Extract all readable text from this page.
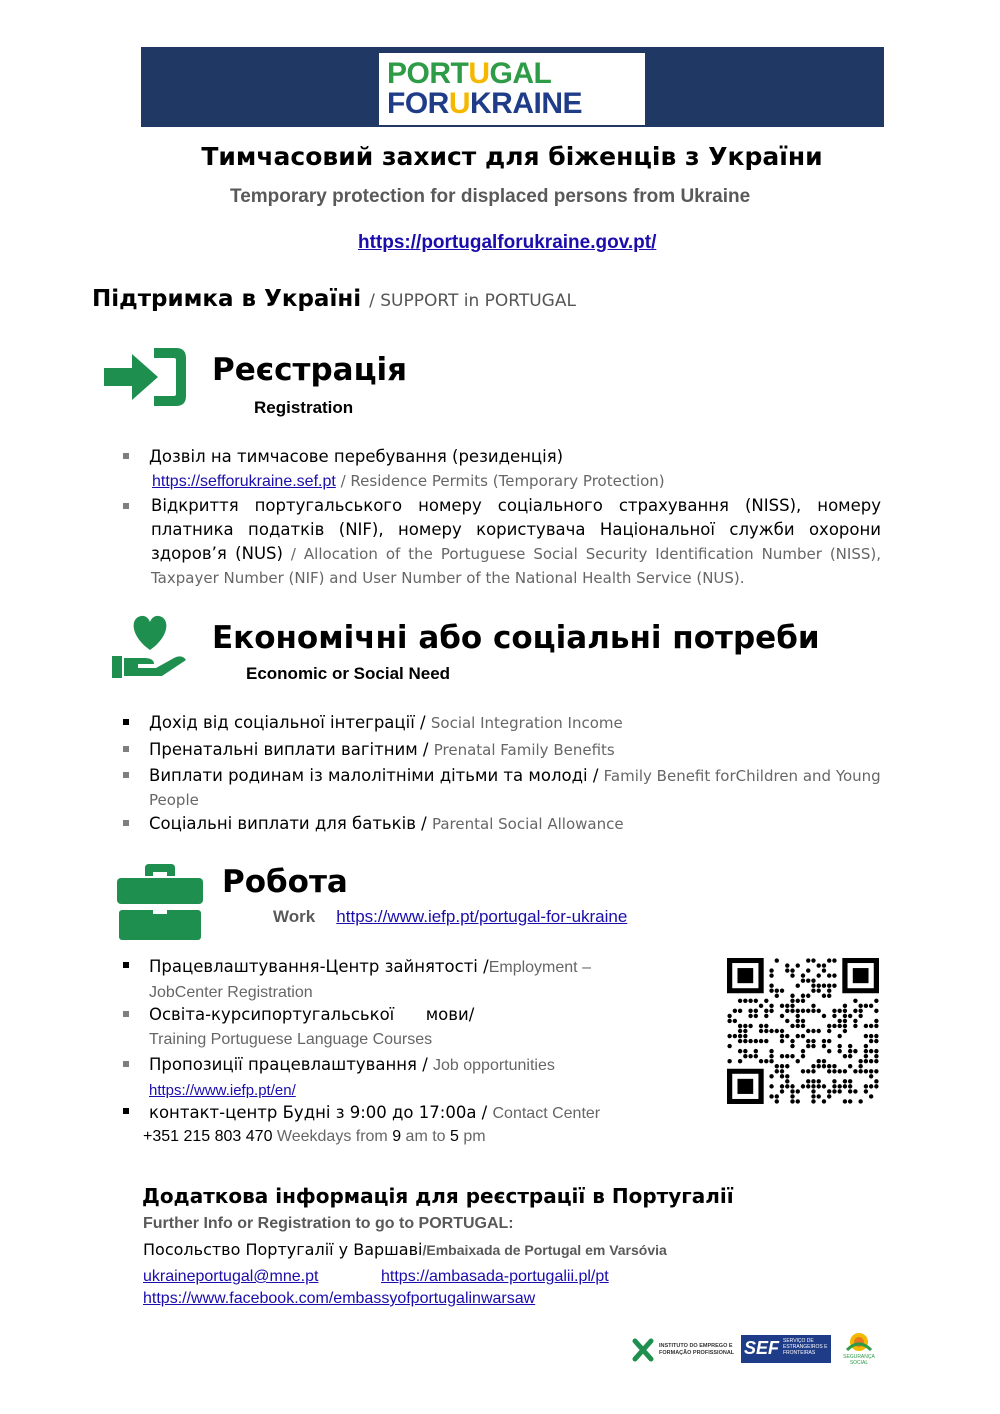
PORTUGAL
FORUKRAINE
Тимчасовий захист для біженців з України
Temporary protection for displaced persons from Ukraine
https://portugalforukraine.gov.pt/
Підтримка в Україні / SUPPORT in PORTUGAL
Реєстрація
Registration
Дозвіл на тимчасове перебування (резиденція)
https://sefforukraine.sef.pt / Residence Permits (Temporary Protection)
Відкриття португальського номеру соціального страхування (NISS), номеру платника податків (NIF), номеру користувача Національної служби охорони здоров’я (NUS) / Allocation of the Portuguese Social Security Identification Number (NISS), Taxpayer Number (NIF) and User Number of the National Health Service (NUS).
Економічні або соціальні потреби
Economic or Social Need
Дохід від соціальної інтеграції / Social Integration Income
Пренатальні виплати вагітним / Prenatal Family Benefits
Виплати родинам із малолітніми дітьми та молоді / Family Benefit forChildren and Young People
Соціальні виплати для батьків / Parental Social Allowance
Робота
Work https://www.iefp.pt/portugal-for-ukraine
Працевлаштування-Центр зайнятості /Employment – JobCenter Registration
Освіта-курсипортугальської      мови/
Training Portuguese Language Courses
Пропозиції працевлаштування / Job opportunities
https://www.iefp.pt/en/
контакт-центр Будні з 9:00 до 17:00а / Contact Center
+351 215 803 470 Weekdays from 9 am to 5 pm
Додаткова інформація для реєстрації в Португалії
Further Info or Registration to go to PORTUGAL:
Посольство Португалії у Варшаві/Embaixada de Portugal em Varsóvia
ukraineportugal@mne.pt	https://ambasada-portugalii.pl/pt
https://www.facebook.com/embassyofportugalinwarsaw
INSTITUTO DO EMPREGO E FORMAÇÃO PROFISSIONAL SEF SERVIÇO DE ESTRANGEIROS E FRONTEIRAS
SEGURANÇA SOCIAL
